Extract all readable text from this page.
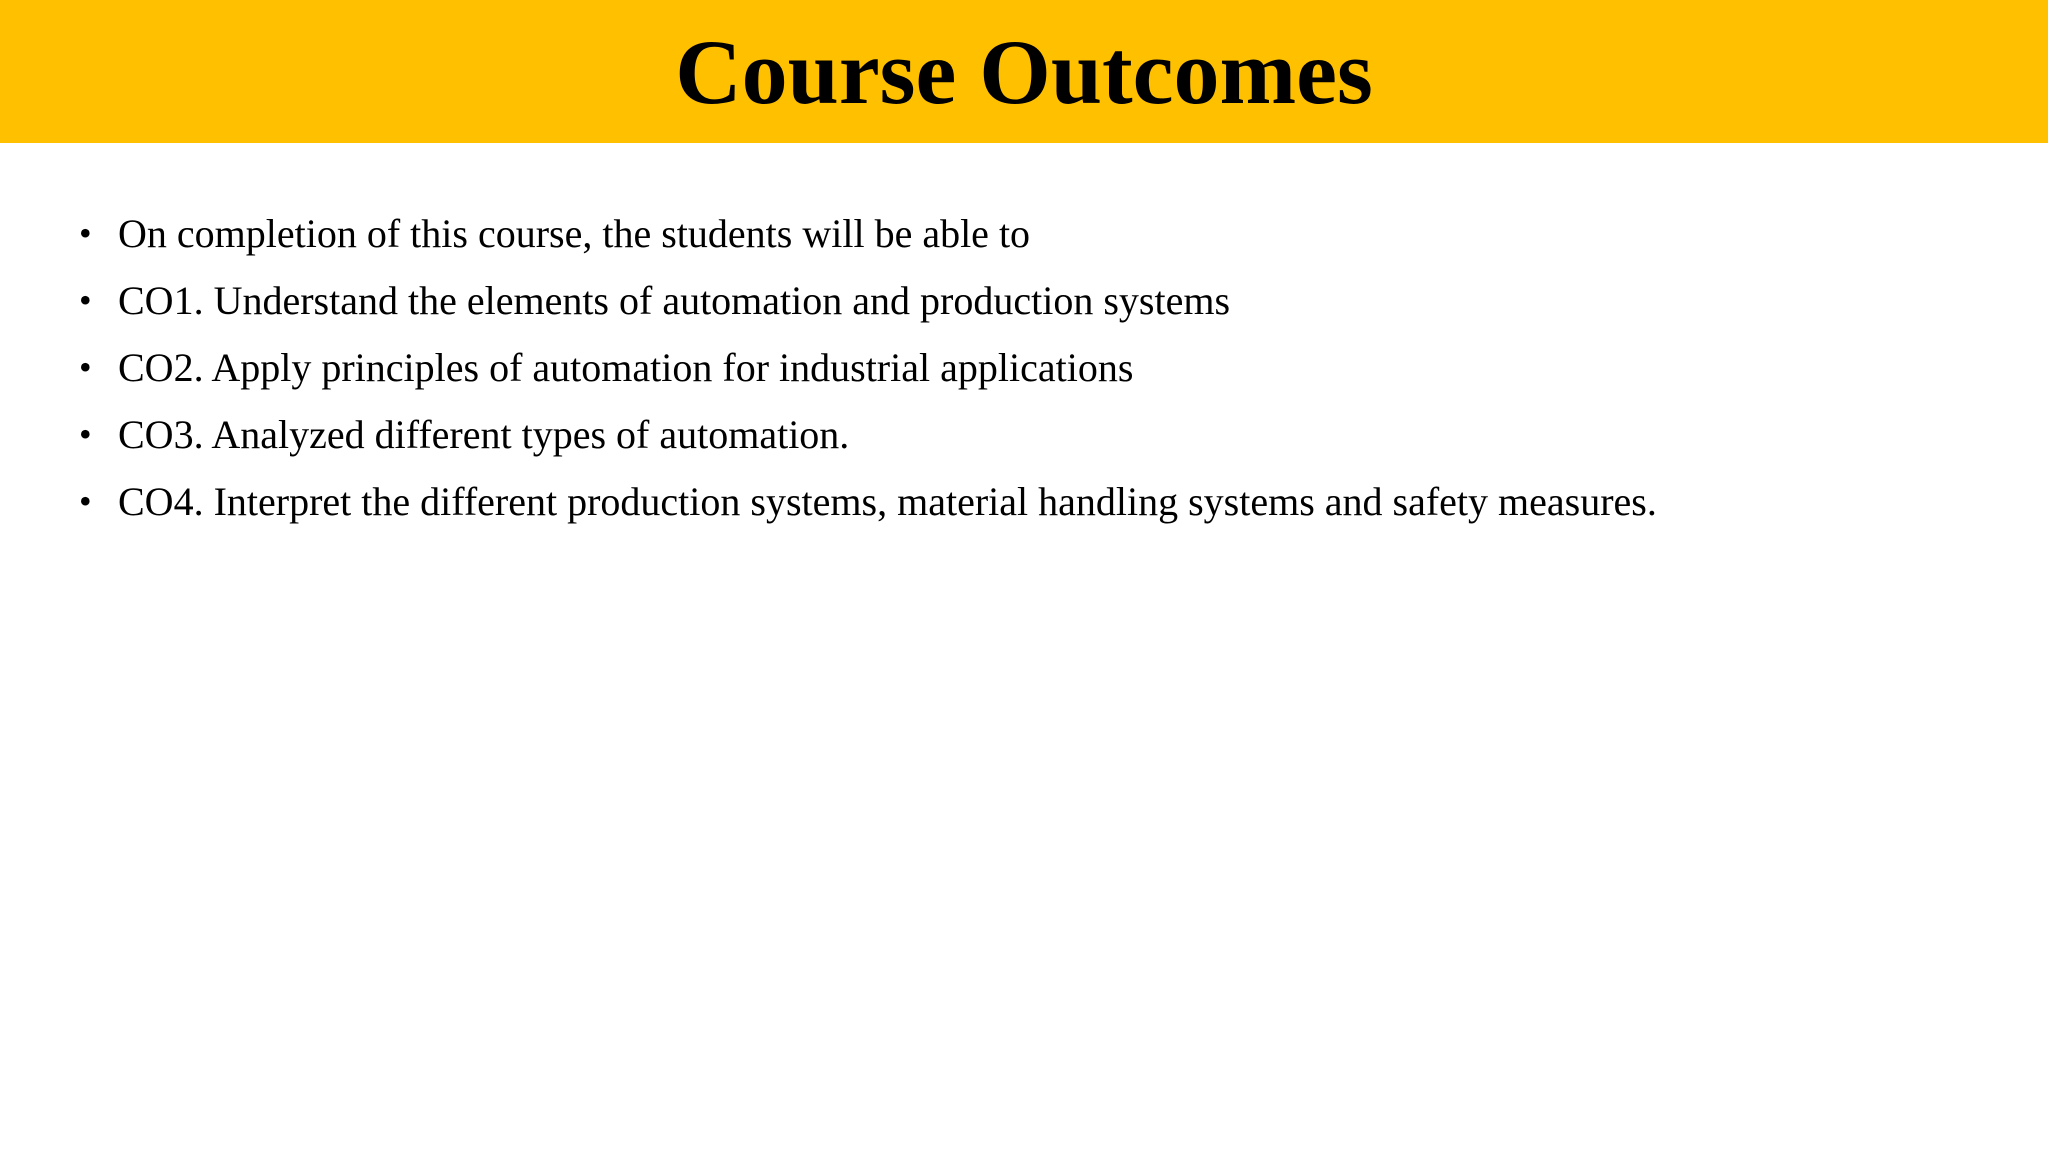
Course Outcomes
• On completion of this course, the students will be able to
• CO1. Understand the elements of automation and production systems
• CO2. Apply principles of automation for industrial applications
• CO3. Analyzed different types of automation.
• CO4. Interpret the different production systems, material handling systems and safety measures.
